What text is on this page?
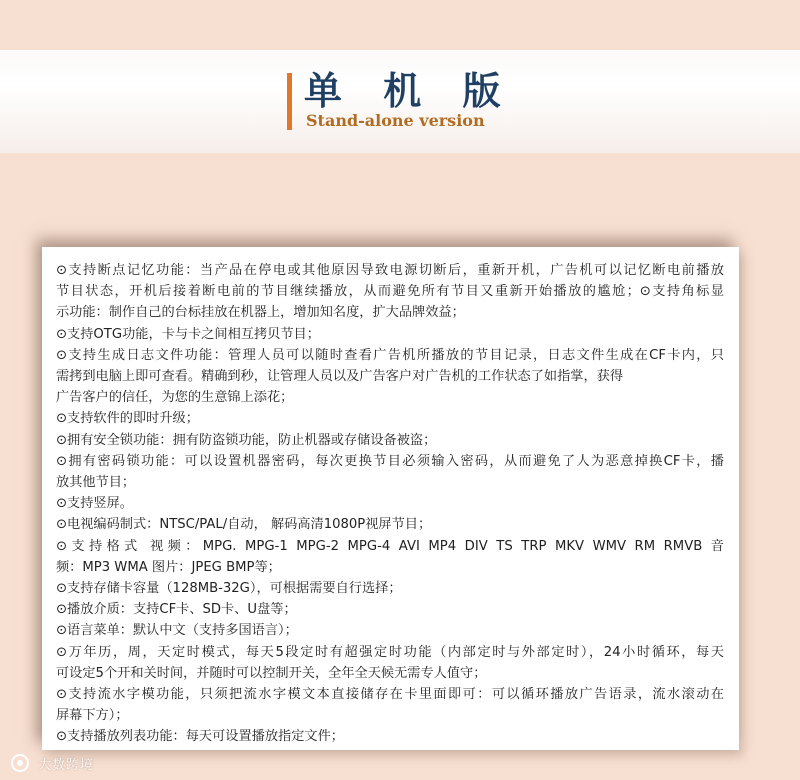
单 机 版
Stand-alone version
⊙支持断点记忆功能：当产品在停电或其他原因导致电源切断后，重新开机，广告机可以记忆断电前播放
节目状态，开机后接着断电前的节目继续播放，从而避免所有节目又重新开始播放的尴尬；⊙支持角标显
示功能：制作自己的台标挂放在机器上，增加知名度，扩大品牌效益；
⊙支持OTG功能，卡与卡之间相互拷贝节目；
⊙支持生成日志文件功能：管理人员可以随时查看广告机所播放的节目记录，日志文件生成在CF卡内，只
需拷到电脑上即可查看。精确到秒，让管理人员以及广告客户对广告机的工作状态了如指掌，获得
广告客户的信任，为您的生意锦上添花；
⊙支持软件的即时升级；
⊙拥有安全锁功能：拥有防盗锁功能，防止机器或存储设备被盗；
⊙拥有密码锁功能：可以设置机器密码，每次更换节目必须输入密码，从而避免了人为恶意掉换CF卡，播
放其他节目；
⊙支持竖屏。
⊙电视编码制式：NTSC/PAL/自动， 解码高清1080P视屏节目；
⊙支持格式 视频：MPG. MPG-1 MPG-2 MPG-4 AVI MP4 DIV TS TRP MKV WMV RM RMVB 音
频：MP3 WMA 图片：JPEG BMP等；
⊙支持存储卡容量（128MB-32G），可根据需要自行选择；
⊙播放介质：支持CF卡、SD卡、U盘等；
⊙语言菜单：默认中文（支持多国语言）；
⊙万年历，周，天定时模式，每天5段定时有超强定时功能（内部定时与外部定时），24小时循环，每天
可设定5个开和关时间，并随时可以控制开关，全年全天候无需专人值守；
⊙支持流水字模功能，只须把流水字模文本直接储存在卡里面即可：可以循环播放广告语录，流水滚动在
屏幕下方）；
⊙支持播放列表功能：每天可设置播放指定文件；
大数跨境
